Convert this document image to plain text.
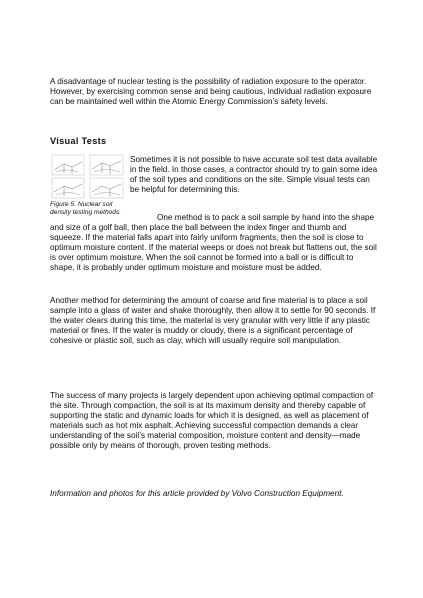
A disadvantage of nuclear testing is the possibility of radiation exposure to the operator. However, by exercising common sense and being cautious, individual radiation exposure can be maintained well within the Atomic Energy Commission’s safety levels.

Visual Tests

Figure 5. Nuclear soil density testing methods.

Sometimes it is not possible to have accurate soil test data available in the field. In those cases, a contractor should try to gain some idea of the soil types and conditions on the site. Simple visual tests can be helpful for determining this.

One method is to pack a soil sample by hand into the shape and size of a golf ball, then place the ball between the index finger and thumb and squeeze. If the material falls apart into fairly uniform fragments, then the soil is close to optimum moisture content. If the material weeps or does not break but flattens out, the soil is over optimum moisture. When the soil cannot be formed into a ball or is difficult to shape, it is probably under optimum moisture and moisture must be added.

Another method for determining the amount of coarse and fine material is to place a soil sample into a glass of water and shake thoroughly, then allow it to settle for 90 seconds. If the water clears during this time, the material is very granular with very little if any plastic material or fines. If the water is muddy or cloudy, there is a significant percentage of cohesive or plastic soil, such as clay, which will usually require soil manipulation.

The success of many projects is largely dependent upon achieving optimal compaction of the site. Through compaction, the soil is at its maximum density and thereby capable of supporting the static and dynamic loads for which it is designed, as well as placement of materials such as hot mix asphalt. Achieving successful compaction demands a clear understanding of the soil’s material composition, moisture content and density—made possible only by means of thorough, proven testing methods.

Information and photos for this article provided by Volvo Construction Equipment.
